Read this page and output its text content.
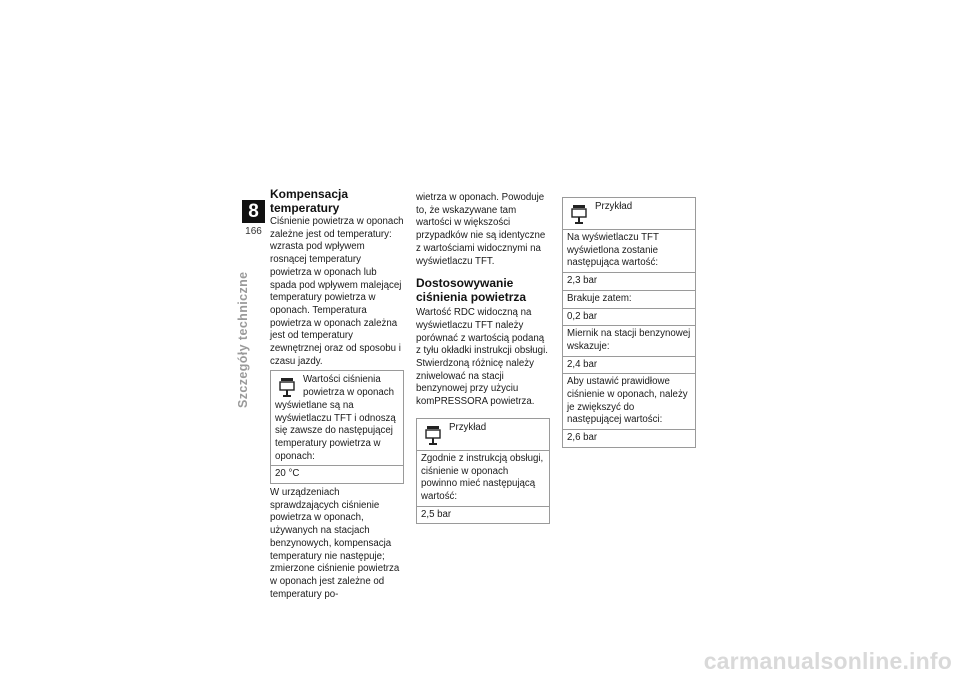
8
166
Szczegóły techniczne
Kompensacja temperatury

Ciśnienie powietrza w oponach zależne jest od temperatury: wzrasta pod wpływem rosnącej temperatury powietrza w oponach lub spada pod wpływem malejącej temperatury powietrza w oponach. Temperatura powietrza w oponach zależna jest od temperatury zewnętrznej oraz od sposobu i czasu jazdy.

Wartości ciśnienia powietrza w oponach wyświetlane są na wyświetlaczu TFT i odnoszą się zawsze do następującej temperatury powietrza w oponach:
20 °C

W urządzeniach sprawdzających ciśnienie powietrza w oponach, używanych na stacjach benzynowych, kompensacja temperatury nie następuje; zmierzone ciśnienie powietrza w oponach jest zależne od temperatury po-

wietrza w oponach. Powoduje to, że wskazywane tam wartości w większości przypadków nie są identyczne z wartościami widocznymi na wyświetlaczu TFT.

Dostosowywanie ciśnienia powietrza

Wartość RDC widoczną na wyświetlaczu TFT należy porównać z wartością podaną z tyłu okładki instrukcji obsługi. Stwierdzoną różnicę należy zniwelować na stacji benzynowej przy użyciu komPRESSORA powietrza.

Przykład
Zgodnie z instrukcją obsługi, ciśnienie w oponach powinno mieć następującą wartość:
2,5 bar
Przykład
Na wyświetlaczu TFT wyświetlona zostanie następująca wartość:
2,3 bar
Brakuje zatem:
0,2 bar
Miernik na stacji benzynowej wskazuje:
2,4 bar
Aby ustawić prawidłowe ciśnienie w oponach, należy je zwiększyć do następującej wartości:
2,6 bar
carmanualsonline.info
